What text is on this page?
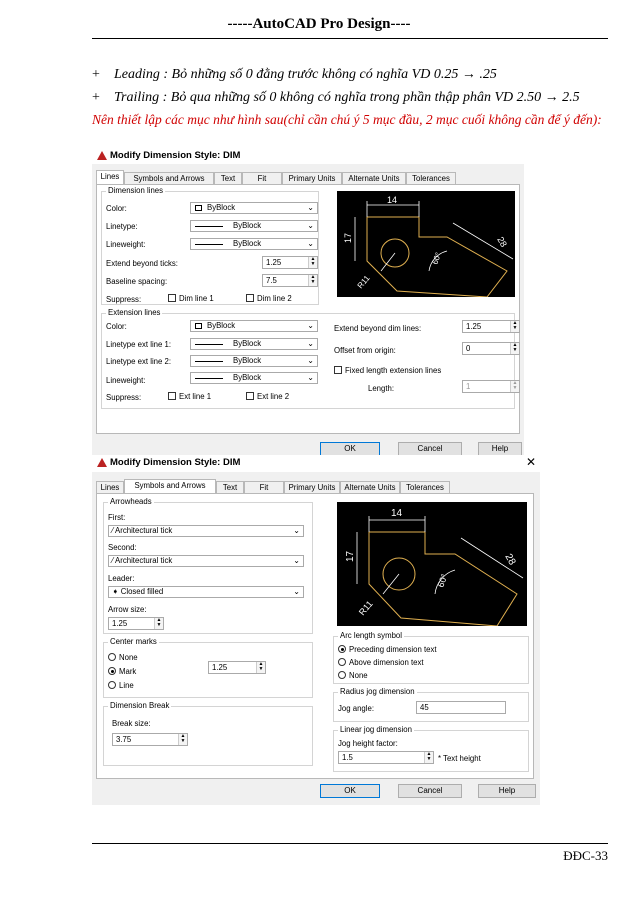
-----AutoCAD Pro Design----
+ Leading : Bỏ những số 0 đằng trước không có nghĩa VD 0.25 → .25
+ Trailing : Bỏ qua những số 0 không có nghĩa trong phần thập phân VD 2.50 → 2.5
Nên thiết lập các mục như hình sau(chỉ cần chú ý 5 mục đầu, 2 mục cuối không cần để ý đến):
Modify Dimension Style: DIM
Lines	Symbols and Arrows	Text	Fit	Primary Units	Alternate Units	Tolerances
Dimension lines
Color:	ByBlock	⌄
Linetype:	ByBlock	⌄
Lineweight:	ByBlock	⌄
Extend beyond ticks:	1.25	▲
▼
Baseline spacing:	7.5	▲
▼
Suppress:	Dim line 1	Dim line 2
14
17	28
60°
R11
Extension lines
Color:	ByBlock	⌄
Linetype ext line 1:	ByBlock	⌄
Linetype ext line 2:	ByBlock	⌄
Lineweight:	ByBlock	⌄
Suppress:	Ext line 1	Ext line 2
Extend beyond dim lines:	1.25	▲
▼
Offset from origin:	0	▲
▼
Fixed length extension lines
Length:	1	▲
▼
OK	Cancel	Help
Modify Dimension Style: DIM	✕
Lines	Symbols and Arrows	Text	Fit	Primary Units	Alternate Units	Tolerances
Arrowheads
First:
⁄ Architectural tick	⌄
Second:
⁄ Architectural tick	⌄
Leader:
➧ Closed filled	⌄
Arrow size:
1.25	▲
▼
Center marks
None
Mark
Line
1.25	▲
▼
Dimension Break
Break size:
3.75	▲
▼
14
17	28
60°
R11
Arc length symbol
Preceding dimension text
Above dimension text
None
Radius jog dimension
Jog angle:	45
Linear jog dimension
Jog height factor:
1.5	▲
▼ * Text height
OK	Cancel	Help
ĐĐC-33
